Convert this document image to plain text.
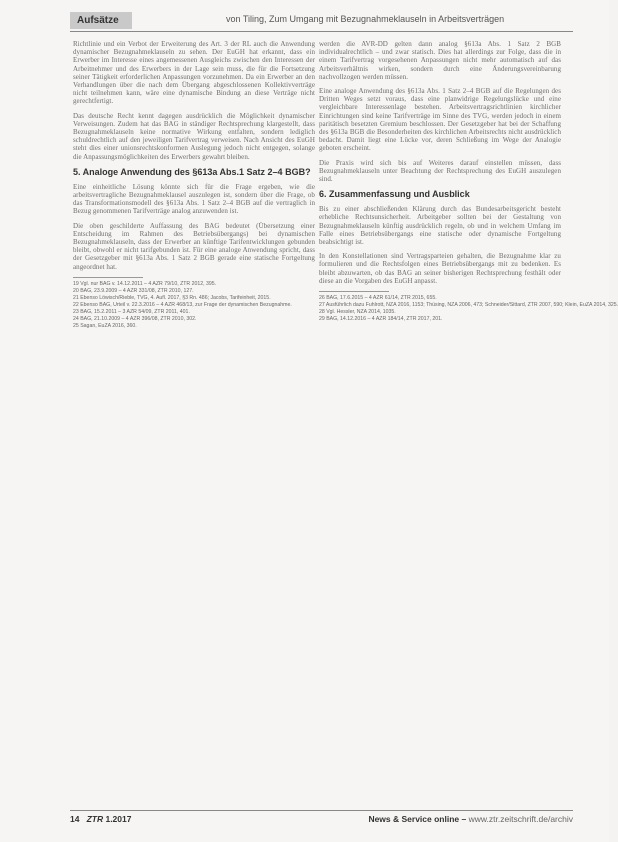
Aufsätze	von Tiling, Zum Umgang mit Bezugnahmeklauseln in Arbeitsverträgen

Richtlinie und ein Verbot der Erweiterung des Art. 3 der RL auch die Anwendung dynamischer Bezugnahmeklauseln zu sehen. Der EuGH hat erkannt, dass ein Erwerber im Interesse eines angemessenen Ausgleichs zwischen den Interessen der Arbeitnehmer und des Erwerbers in der Lage sein muss, die für die Fortsetzung seiner Tätigkeit erforderlichen Anpassungen vorzunehmen. Da ein Erwerber an den Verhandlungen über die nach dem Übergang abgeschlossenen Kollektivverträge nicht teilnehmen kann, wäre eine dynamische Bindung an diese Verträge nicht gerechtfertigt.

Das deutsche Recht kennt dagegen ausdrücklich die Möglichkeit dynamischer Verweisungen. Zudem hat das BAG in ständiger Rechtsprechung klargestellt, dass Bezugnahmeklauseln keine normative Wirkung entfalten, sondern lediglich schuldrechtlich auf den jeweiligen Tarifvertrag verweisen. Nach Ansicht des EuGH steht dies einer unionsrechtskonformen Auslegung jedoch nicht entgegen, solange die Anpassungsmöglichkeiten des Erwerbers gewahrt bleiben.

5. Analoge Anwendung des §613a Abs.1 Satz 2–4 BGB?

Eine einheitliche Lösung könnte sich für die Frage ergeben, wie die arbeitsvertragliche Bezugnahmeklausel auszulegen ist, sondern über die Frage, ob das Transformationsmodell des §613a Abs. 1 Satz 2–4 BGB auf die vertraglich in Bezug genommenen Tarifverträge analog anzuwenden ist.

Die oben geschilderte Auffassung des BAG bedeutet (Übersetzung einer Entscheidung im Rahmen des Betriebsübergangs) bei dynamischen Bezugnahmeklauseln, dass der Erwerber an künftige Tarifentwicklungen gebunden bleibt, obwohl er nicht tarifgebunden ist. Für eine analoge Anwendung spricht, dass der Gesetzgeber mit §613a Abs. 1 Satz 2 BGB gerade eine statische Fortgeltung angeordnet hat.

19 Vgl. nur BAG v. 14.12.2011 – 4 AZR 79/10, ZTR 2012, 395.
20 BAG, 23.9.2009 – 4 AZR 331/08, ZTR 2010, 127.
21 Ebenso Löwisch/Rieble, TVG, 4. Aufl. 2017, §3 Rn. 486; Jacobs, Tarifeinheit, 2015.
22 Ebenso BAG, Urteil v. 22.3.2016 – 4 AZR 468/13, zur Frage der dynamischen Bezugnahme.
23 BAG, 15.2.2011 – 3 AZR 54/09, ZTR 2011, 401.
24 BAG, 21.10.2009 – 4 AZR 396/08, ZTR 2010, 302.
25 Sagan, EuZA 2016, 360.

werden die AVR-DD gelten dann analog §613a Abs. 1 Satz 2 BGB individualrechtlich – und zwar statisch. Dies hat allerdings zur Folge, dass die in einem Tarifvertrag vorgesehenen Anpassungen nicht mehr automatisch auf das Arbeitsverhältnis wirken, sondern durch eine Änderungsvereinbarung nachvollzogen werden müssen.

Eine analoge Anwendung des §613a Abs. 1 Satz 2–4 BGB auf die Regelungen des Dritten Weges setzt voraus, dass eine planwidrige Regelungslücke und eine vergleichbare Interessenlage bestehen. Arbeitsvertragsrichtlinien kirchlicher Einrichtungen sind keine Tarifverträge im Sinne des TVG, werden jedoch in einem paritätisch besetzten Gremium beschlossen. Der Gesetzgeber hat bei der Schaffung des §613a BGB die Besonderheiten des kirchlichen Arbeitsrechts nicht ausdrücklich bedacht. Damit liegt eine Lücke vor, deren Schließung im Wege der Analogie geboten erscheint.

Die Praxis wird sich bis auf Weiteres darauf einstellen müssen, dass Bezugnahmeklauseln unter Beachtung der Rechtsprechung des EuGH auszulegen sind.

6. Zusammenfassung und Ausblick

Bis zu einer abschließenden Klärung durch das Bundesarbeitsgericht besteht erhebliche Rechtsunsicherheit. Arbeitgeber sollten bei der Gestaltung von Bezugnahmeklauseln künftig ausdrücklich regeln, ob und in welchem Umfang im Falle eines Betriebsübergangs eine statische oder dynamische Fortgeltung beabsichtigt ist.

In den Konstellationen sind Vertragsparteien gehalten, die Bezugnahme klar zu formulieren und die Rechtsfolgen eines Betriebsübergangs mit zu bedenken. Es bleibt abzuwarten, ob das BAG an seiner bisherigen Rechtsprechung festhält oder diese an die Vorgaben des EuGH anpasst.

26 BAG, 17.6.2015 – 4 AZR 61/14, ZTR 2015, 655.
27 Ausführlich dazu Fuhlrott, NZA 2016, 1153; Thüsing, NZA 2006, 473; Schneider/Sittard, ZTR 2007, 590; Klein, EuZA 2014, 325.
28 Vgl. Hessler, NZA 2014, 1035.
29 BAG, 14.12.2016 – 4 AZR 184/14, ZTR 2017, 201.
14 ZTR 1.2017	News & Service online – www.ztr.zeitschrift.de/archiv
